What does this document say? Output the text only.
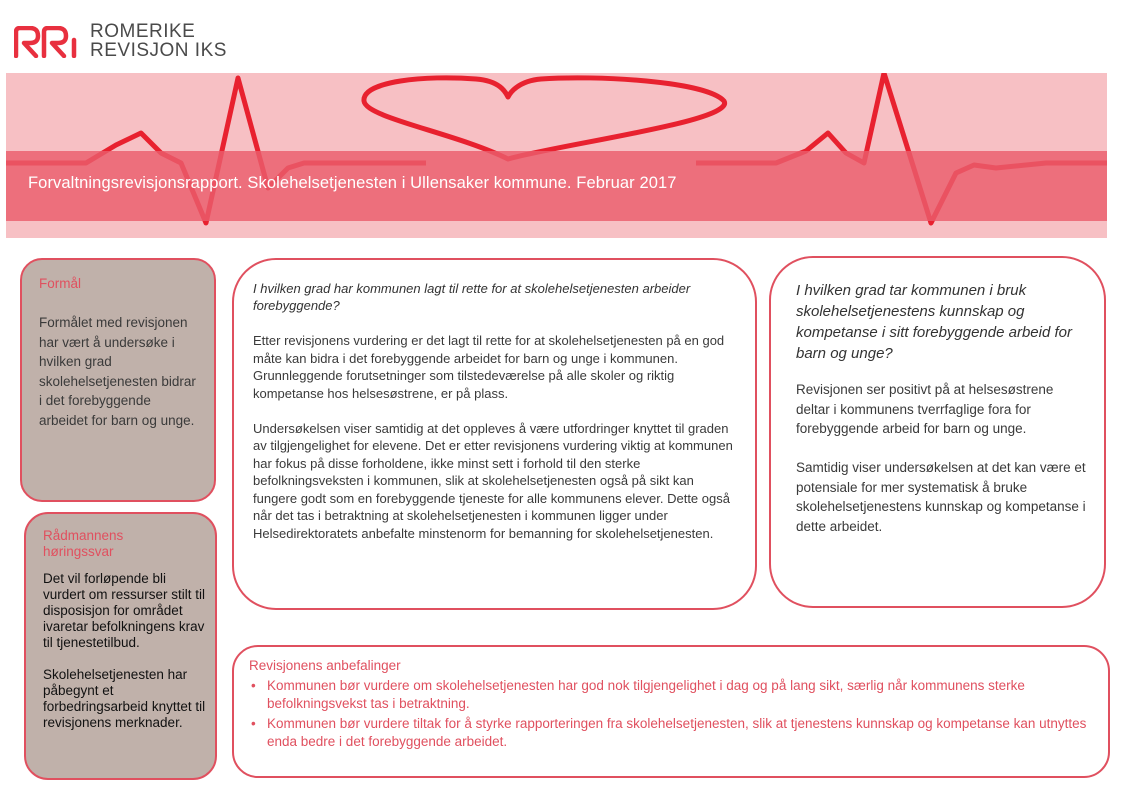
ROMERIKE
REVISJON IKS
Forvaltningsrevisjonsrapport. Skolehelsetjenesten i Ullensaker kommune. Februar 2017
Formål
Formålet med revisjonen har vært å undersøke i hvilken grad skolehelsetjenesten bidrar i det forebyggende arbeidet for barn og unge.
Rådmannens høringssvar

Det vil forløpende bli vurdert om ressurser stilt til disposisjon for området ivaretar befolkningens krav til tjenestetilbud.

Skolehelsetjenesten har påbegynt et forbedringsarbeid knyttet til revisjonens merknader.

I hvilken grad har kommunen lagt til rette for at skolehelsetjenesten arbeider forebyggende?

Etter revisjonens vurdering er det lagt til rette for at skolehelsetjenesten på en god måte kan bidra i det forebyggende arbeidet for barn og unge i kommunen. Grunnleggende forutsetninger som tilstedeværelse på alle skoler og riktig kompetanse hos helsesøstrene, er på plass.

Undersøkelsen viser samtidig at det oppleves å være utfordringer knyttet til graden av tilgjengelighet for elevene. Det er etter revisjonens vurdering viktig at kommunen har fokus på disse forholdene, ikke minst sett i forhold til den sterke befolkningsveksten i kommunen, slik at skolehelsetjenesten også på sikt kan fungere godt som en forebyggende tjeneste for alle kommunens elever. Dette også når det tas i betraktning at skolehelsetjenesten i kommunen ligger under Helsedirektoratets anbefalte minstenorm for bemanning for skolehelsetjenesten.

I hvilken grad tar kommunen i bruk skolehelsetjenestens kunnskap og kompetanse i sitt forebyggende arbeid for barn og unge?

Revisjonen ser positivt på at helsesøstrene deltar i kommunens tverrfaglige fora for forebyggende arbeid for barn og unge.

Samtidig viser undersøkelsen at det kan være et potensiale for mer systematisk å bruke skolehelsetjenestens kunnskap og kompetanse i dette arbeidet.

Revisjonens anbefalinger
• Kommunen bør vurdere om skolehelsetjenesten har god nok tilgjengelighet i dag og på lang sikt, særlig når kommunens sterke befolkningsvekst tas i betraktning.
• Kommunen bør vurdere tiltak for å styrke rapporteringen fra skolehelsetjenesten, slik at tjenestens kunnskap og kompetanse kan utnyttes enda bedre i det forebyggende arbeidet.
